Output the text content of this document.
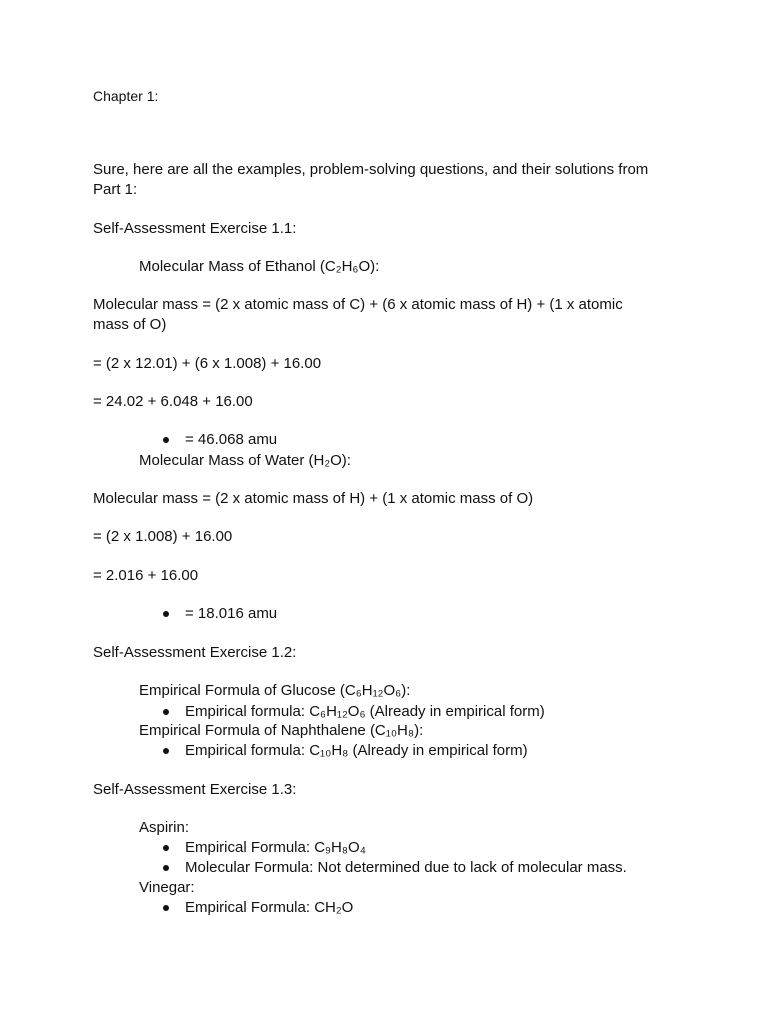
Chapter 1:
Sure, here are all the examples, problem-solving questions, and their solutions from Part 1:
Self-Assessment Exercise 1.1:
Molecular Mass of Ethanol (C₂H₆O):
Molecular mass = (2 x atomic mass of C) + (6 x atomic mass of H) + (1 x atomic mass of O)
= (2 x 12.01) + (6 x 1.008) + 16.00
= 24.02 + 6.048 + 16.00
= 46.068 amu
Molecular Mass of Water (H₂O):
Molecular mass = (2 x atomic mass of H) + (1 x atomic mass of O)
= (2 x 1.008) + 16.00
= 2.016 + 16.00
= 18.016 amu
Self-Assessment Exercise 1.2:
Empirical Formula of Glucose (C₆H₁₂O₆):
Empirical formula: C₆H₁₂O₆ (Already in empirical form)
Empirical Formula of Naphthalene (C₁₀H₈):
Empirical formula: C₁₀H₈ (Already in empirical form)
Self-Assessment Exercise 1.3:
Aspirin:
Empirical Formula: C₉H₈O₄
Molecular Formula: Not determined due to lack of molecular mass.
Vinegar:
Empirical Formula: CH₂O
